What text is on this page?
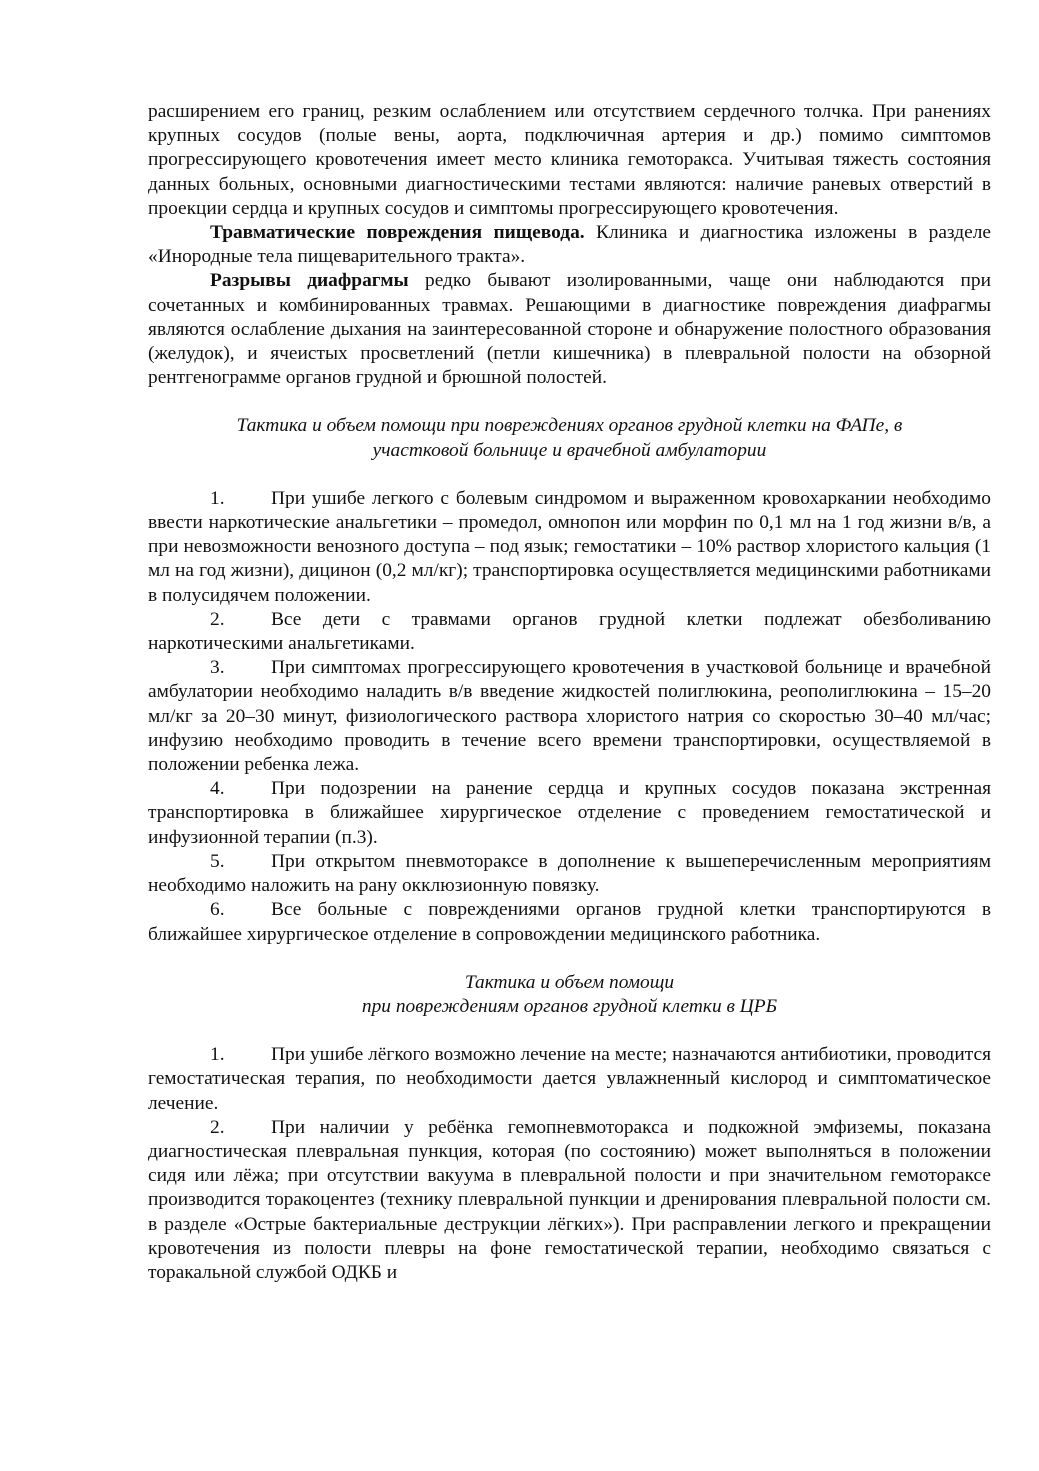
расширением его границ, резким ослаблением или отсутствием сердечного толчка. При ранениях крупных сосудов (полые вены, аорта, подключичная артерия и др.) помимо симптомов прогрессирующего кровотечения имеет место клиника гемоторакса. Учитывая тяжесть состояния данных больных, основными диагностическими тестами являются: наличие раневых отверстий в проекции сердца и крупных сосудов и симптомы прогрессирующего кровотечения.

Травматические повреждения пищевода. Клиника и диагностика изложены в разделе «Инородные тела пищеварительного тракта».

Разрывы диафрагмы редко бывают изолированными, чаще они наблюдаются при сочетанных и комбинированных травмах. Решающими в диагностике повреждения диафрагмы являются ослабление дыхания на заинтересованной стороне и обнаружение полостного образования (желудок), и ячеистых просветлений (петли кишечника) в плевральной полости на обзорной рентгенограмме органов грудной и брюшной полостей.

Тактика и объем помощи при повреждениях органов грудной клетки на ФАПе, в
участковой больнице и врачебной амбулатории

1. При ушибе легкого с болевым синдромом и выраженном кровохаркании необходимо ввести наркотические анальгетики – промедол, омнопон или морфин по 0,1 мл на 1 год жизни в/в, а при невозможности венозного доступа – под язык; гемостатики – 10% раствор хлористого кальция (1 мл на год жизни), дицинон (0,2 мл/кг); транспортировка осуществляется медицинскими работниками в полусидячем положении.

2. Все дети с травмами органов грудной клетки подлежат обезболиванию наркотическими анальгетиками.

3. При симптомах прогрессирующего кровотечения в участковой больнице и врачебной амбулатории необходимо наладить в/в введение жидкостей полиглюкина, реополиглюкина – 15–20 мл/кг за 20–30 минут, физиологического раствора хлористого натрия со скоростью 30–40 мл/час; инфузию необходимо проводить в течение всего времени транспортировки, осуществляемой в положении ребенка лежа.

4. При подозрении на ранение сердца и крупных сосудов показана экстренная транспортировка в ближайшее хирургическое отделение с проведением гемостатической и инфузионной терапии (п.3).

5. При открытом пневмотораксе в дополнение к вышеперечисленным мероприятиям необходимо наложить на рану окклюзионную повязку.

6. Все больные с повреждениями органов грудной клетки транспортируются в ближайшее хирургическое отделение в сопровождении медицинского работника.

Тактика и объем помощи
при повреждениям органов грудной клетки в ЦРБ

1. При ушибе лёгкого возможно лечение на месте; назначаются антибиотики, проводится гемостатическая терапия, по необходимости дается увлажненный кислород и симптоматическое лечение.

2. При наличии у ребёнка гемопневмоторакса и подкожной эмфиземы, показана диагностическая плевральная пункция, которая (по состоянию) может выполняться в положении сидя или лёжа; при отсутствии вакуума в плевральной полости и при значительном гемотораксе производится торакоцентез (технику плевральной пункции и дренирования плевральной полости см. в разделе «Острые бактериальные деструкции лёгких»). При расправлении легкого и прекращении кровотечения из полости плевры на фоне гемостатической терапии, необходимо связаться с торакальной службой ОДКБ и
